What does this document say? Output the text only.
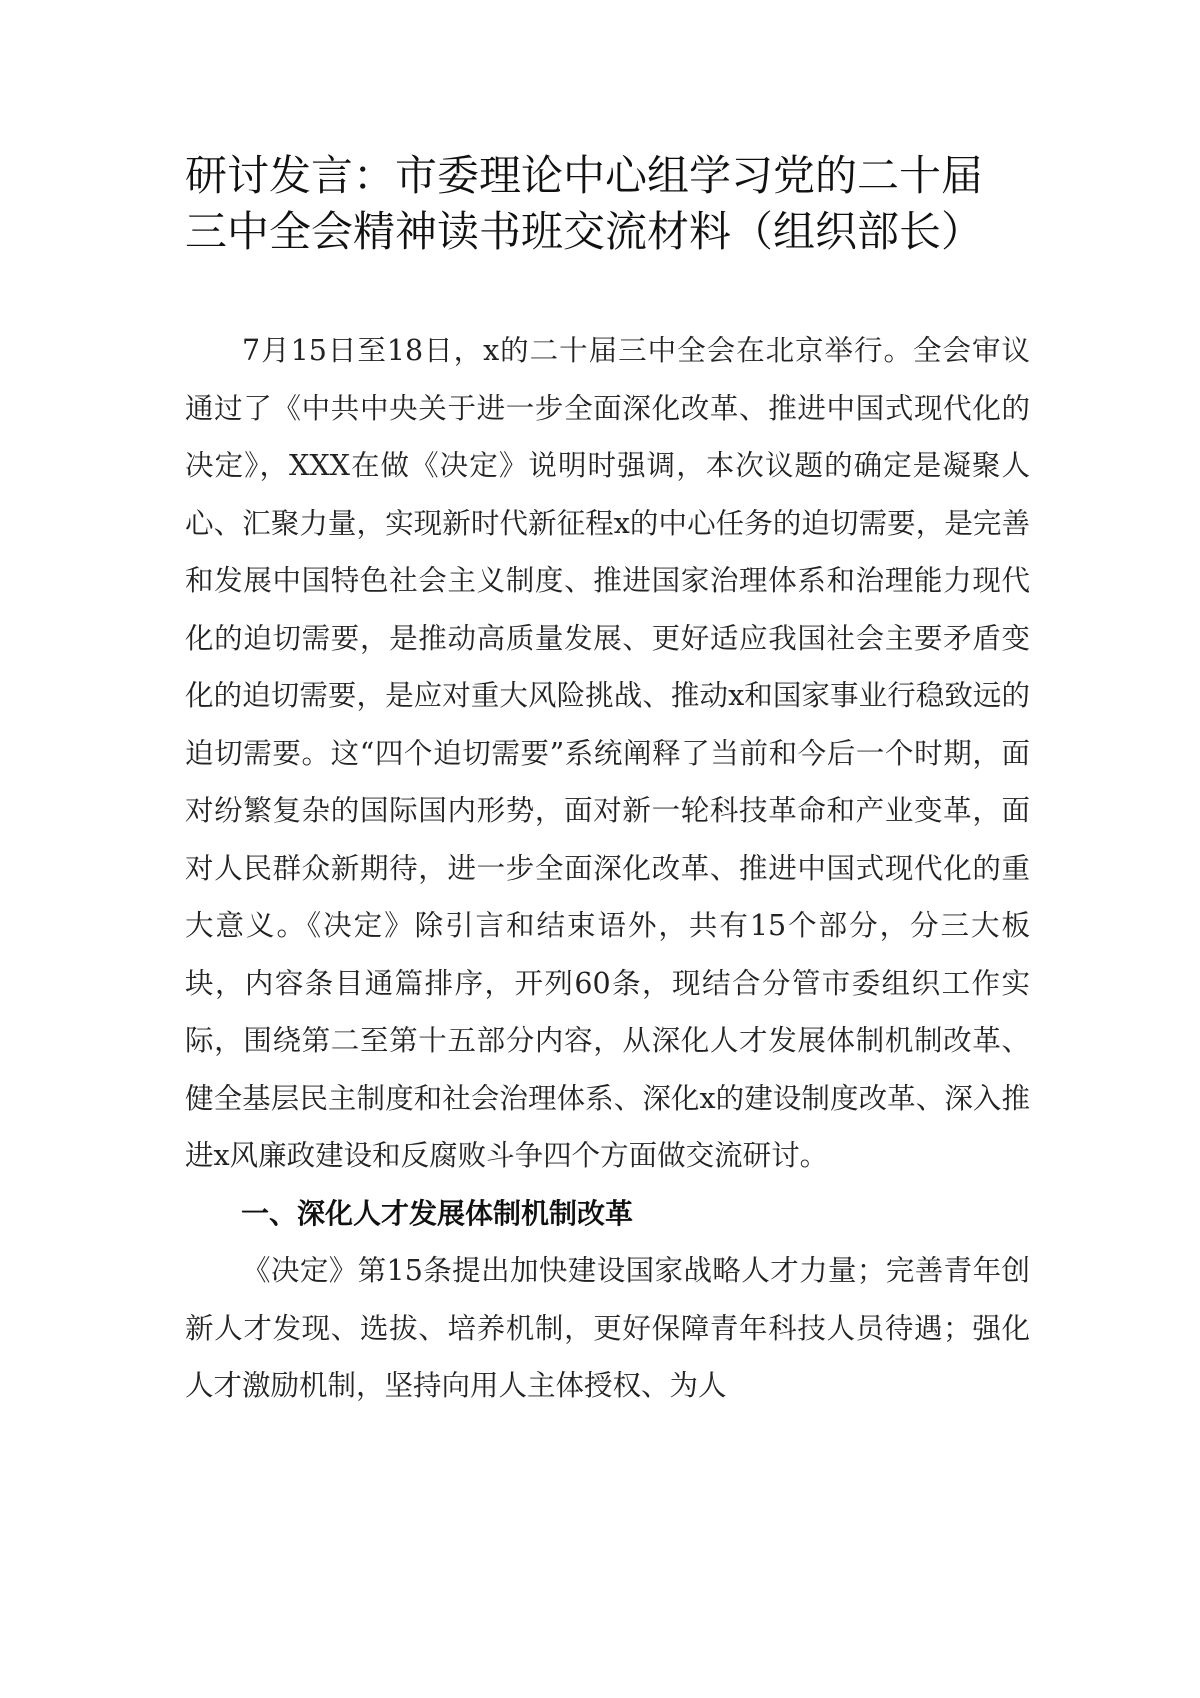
研讨发言：市委理论中心组学习党的二十届
三中全会精神读书班交流材料（组织部长）

7月15日至18日，x的二十届三中全会在北京举行。全会审议通过了《中共中央关于进一步全面深化改革、推进中国式现代化的决定》，XXX在做《决定》说明时强调，本次议题的确定是凝聚人心、汇聚力量，实现新时代新征程x的中心任务的迫切需要，是完善和发展中国特色社会主义制度、推进国家治理体系和治理能力现代化的迫切需要，是推动高质量发展、更好适应我国社会主要矛盾变化的迫切需要，是应对重大风险挑战、推动x和国家事业行稳致远的迫切需要。这“四个迫切需要”系统阐释了当前和今后一个时期，面对纷繁复杂的国际国内形势，面对新一轮科技革命和产业变革，面对人民群众新期待，进一步全面深化改革、推进中国式现代化的重大意义。《决定》除引言和结束语外，共有15个部分，分三大板块，内容条目通篇排序，开列60条，现结合分管市委组织工作实际，围绕第二至第十五部分内容，从深化人才发展体制机制改革、健全基层民主制度和社会治理体系、深化x的建设制度改革、深入推进x风廉政建设和反腐败斗争四个方面做交流研讨。

一、深化人才发展体制机制改革

《决定》第15条提出加快建设国家战略人才力量；完善青年创新人才发现、选拔、培养机制，更好保障青年科技人员待遇；强化人才激励机制，坚持向用人主体授权、为人
